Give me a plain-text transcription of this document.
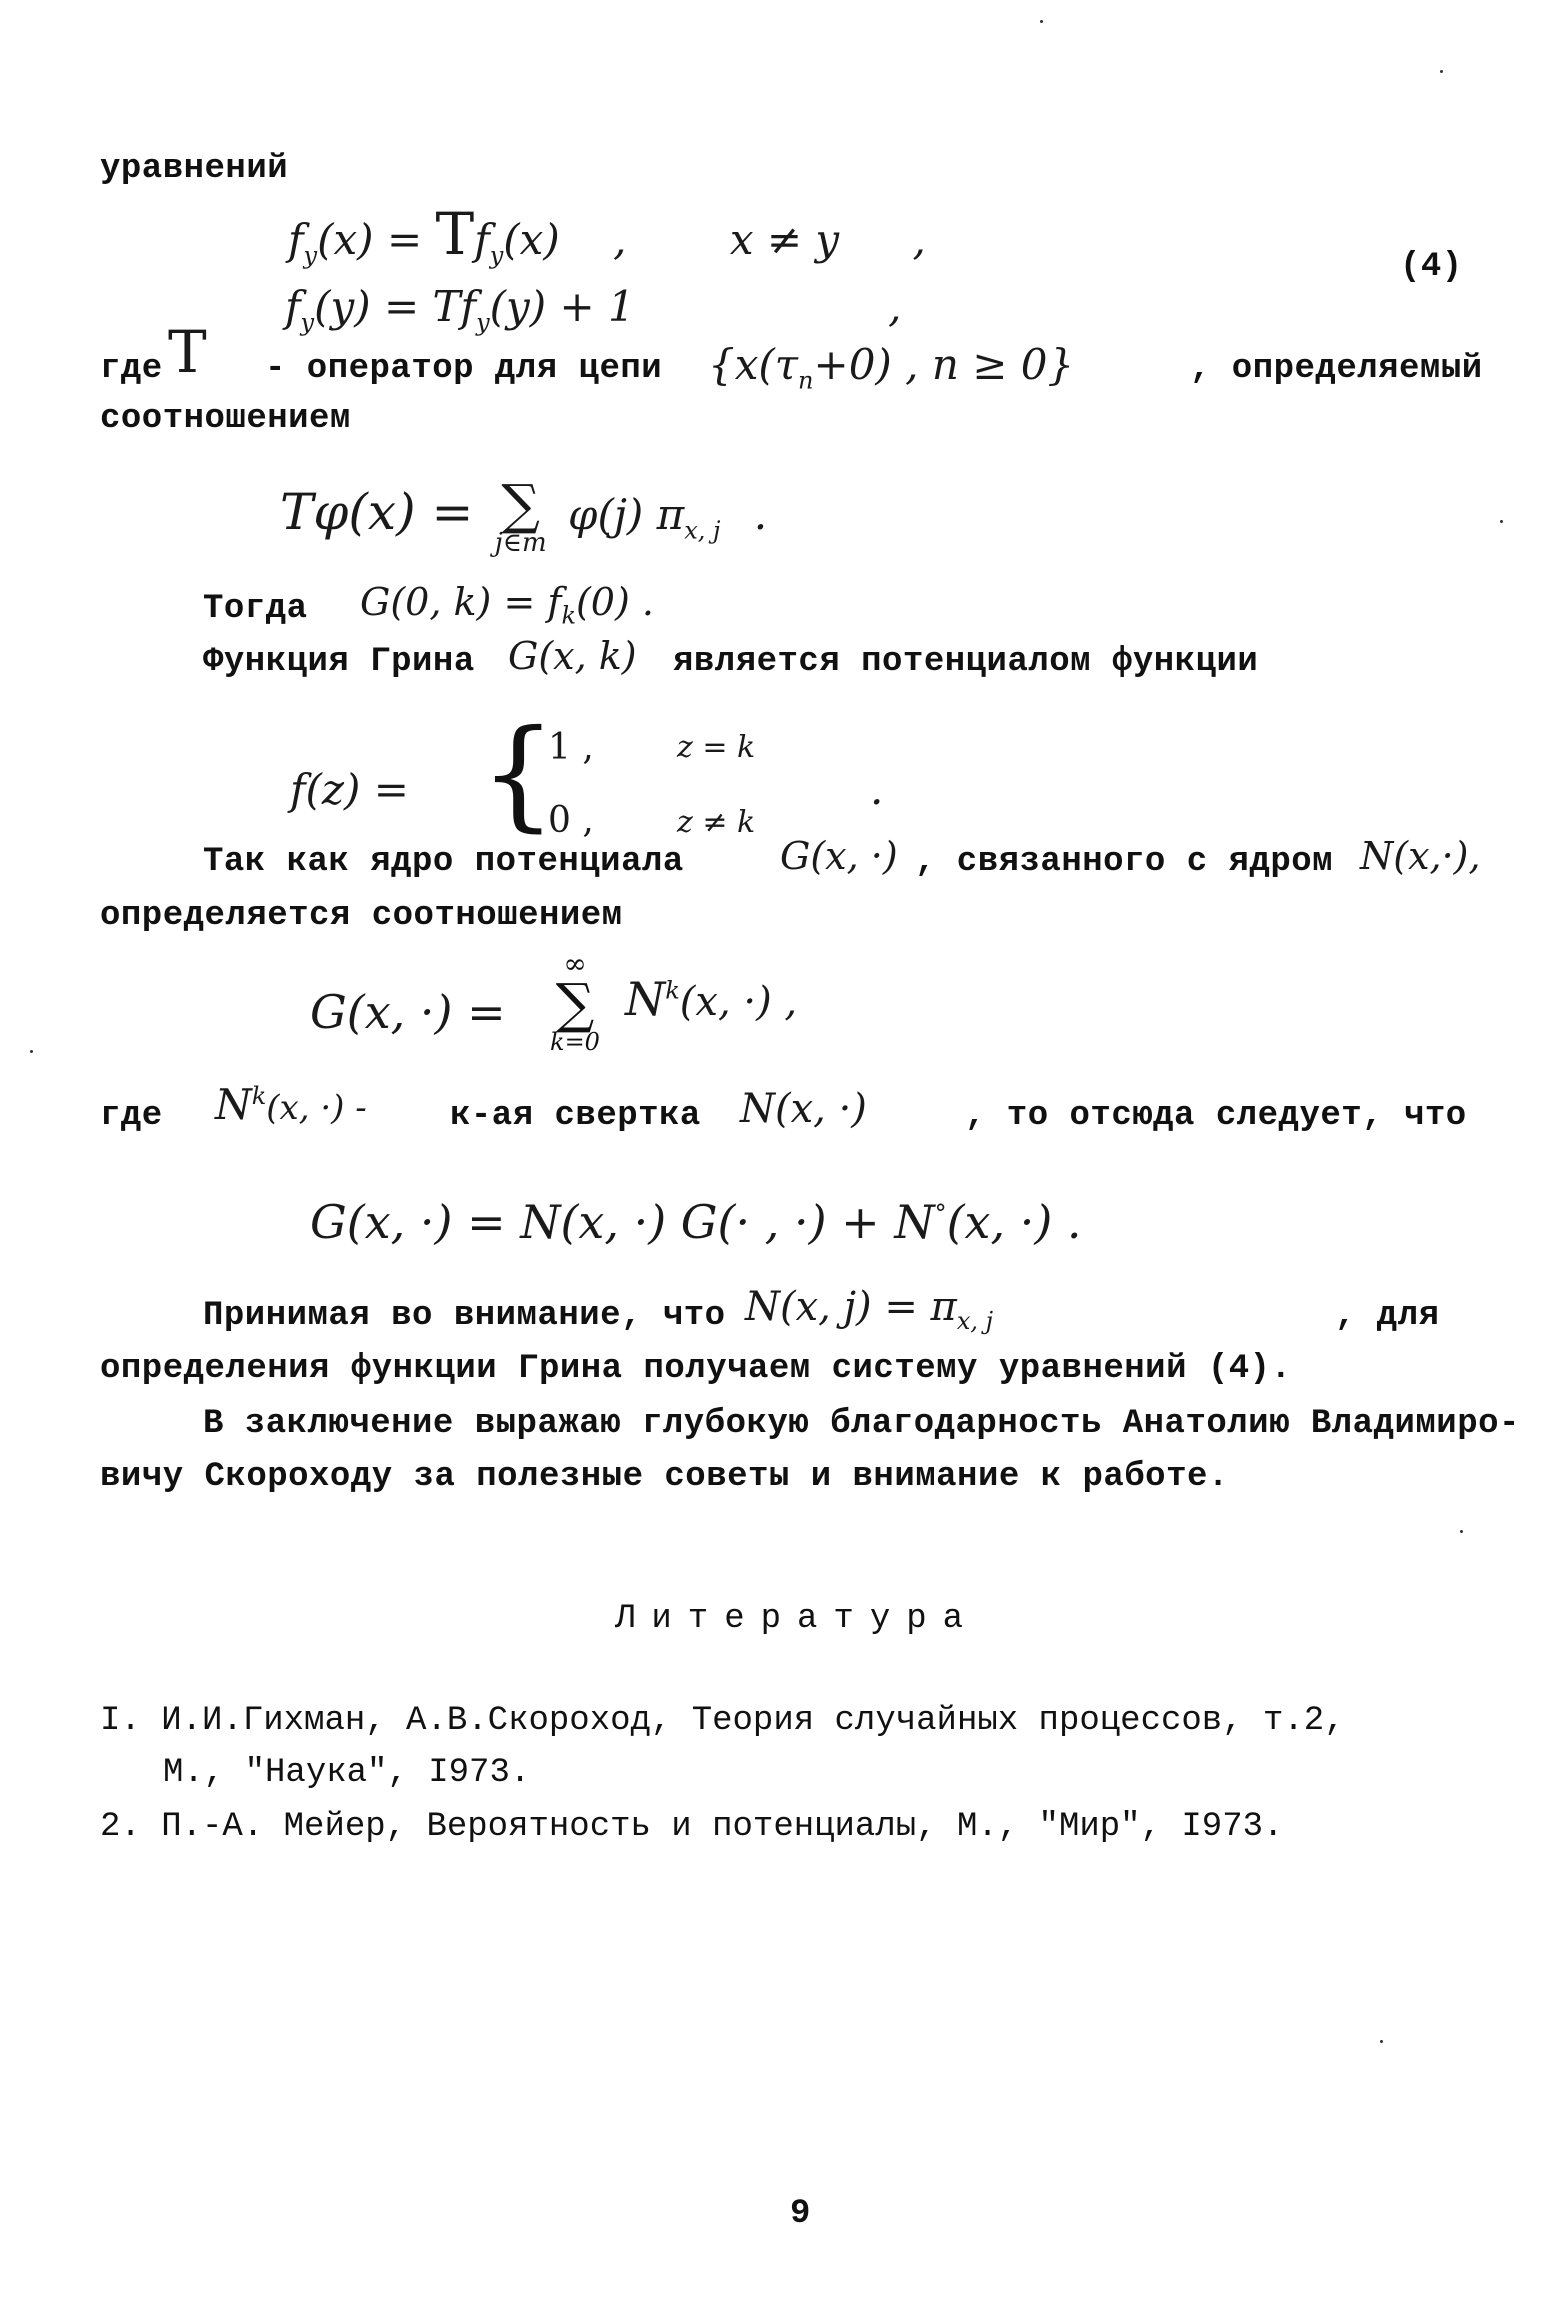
уравнений
$f_y(x) = Tf_y(x)$ , x ≠ y ,
(4)
$f_y(y) = Tf_y(y) + 1$	,
где T - оператор для цепи {$x(\tau_n+0)$ , n ≥ 0}	, определяемый
соотношением
Tφ(x) = ∑
j∈m
φ(j) $\pi_{x, j}$ .
Тогда G(0, $k) = f_k(0)$ .
Функция Грина G(x, k) является потенциалом функции
f(z) = {
1 ,	z = k
0 ,	z ≠ k
.
Так как ядро потенциала	G(x, ·) , связанного с ядром N(x,·),
определяется соотношением
G(x, ·) =
∞
∑
k=0
$N^k(x$, ·) ,
где $N^k(x$, ·) - к-ая свертка N(x, ·)	, то отсюда следует, что
G(x, ·) = N(x, ·) G(· , ·) + N°(x, ·) .
Принимая во внимание, что N(x, $j) = \pi_{x, j}$	, для
определения функции Грина получаем систему уравнений (4).
В заключение выражаю глубокую благодарность Анатолию Владимиро-
вичу Скороходу за полезные советы и внимание к работе.
Литература
I. И.И.Гихман, А.В.Скороход, Теория случайных процессов, т.2,
М., "Наука", I973.
2. П.-А. Мейер, Вероятность и потенциалы, М., "Мир", I973.
9
